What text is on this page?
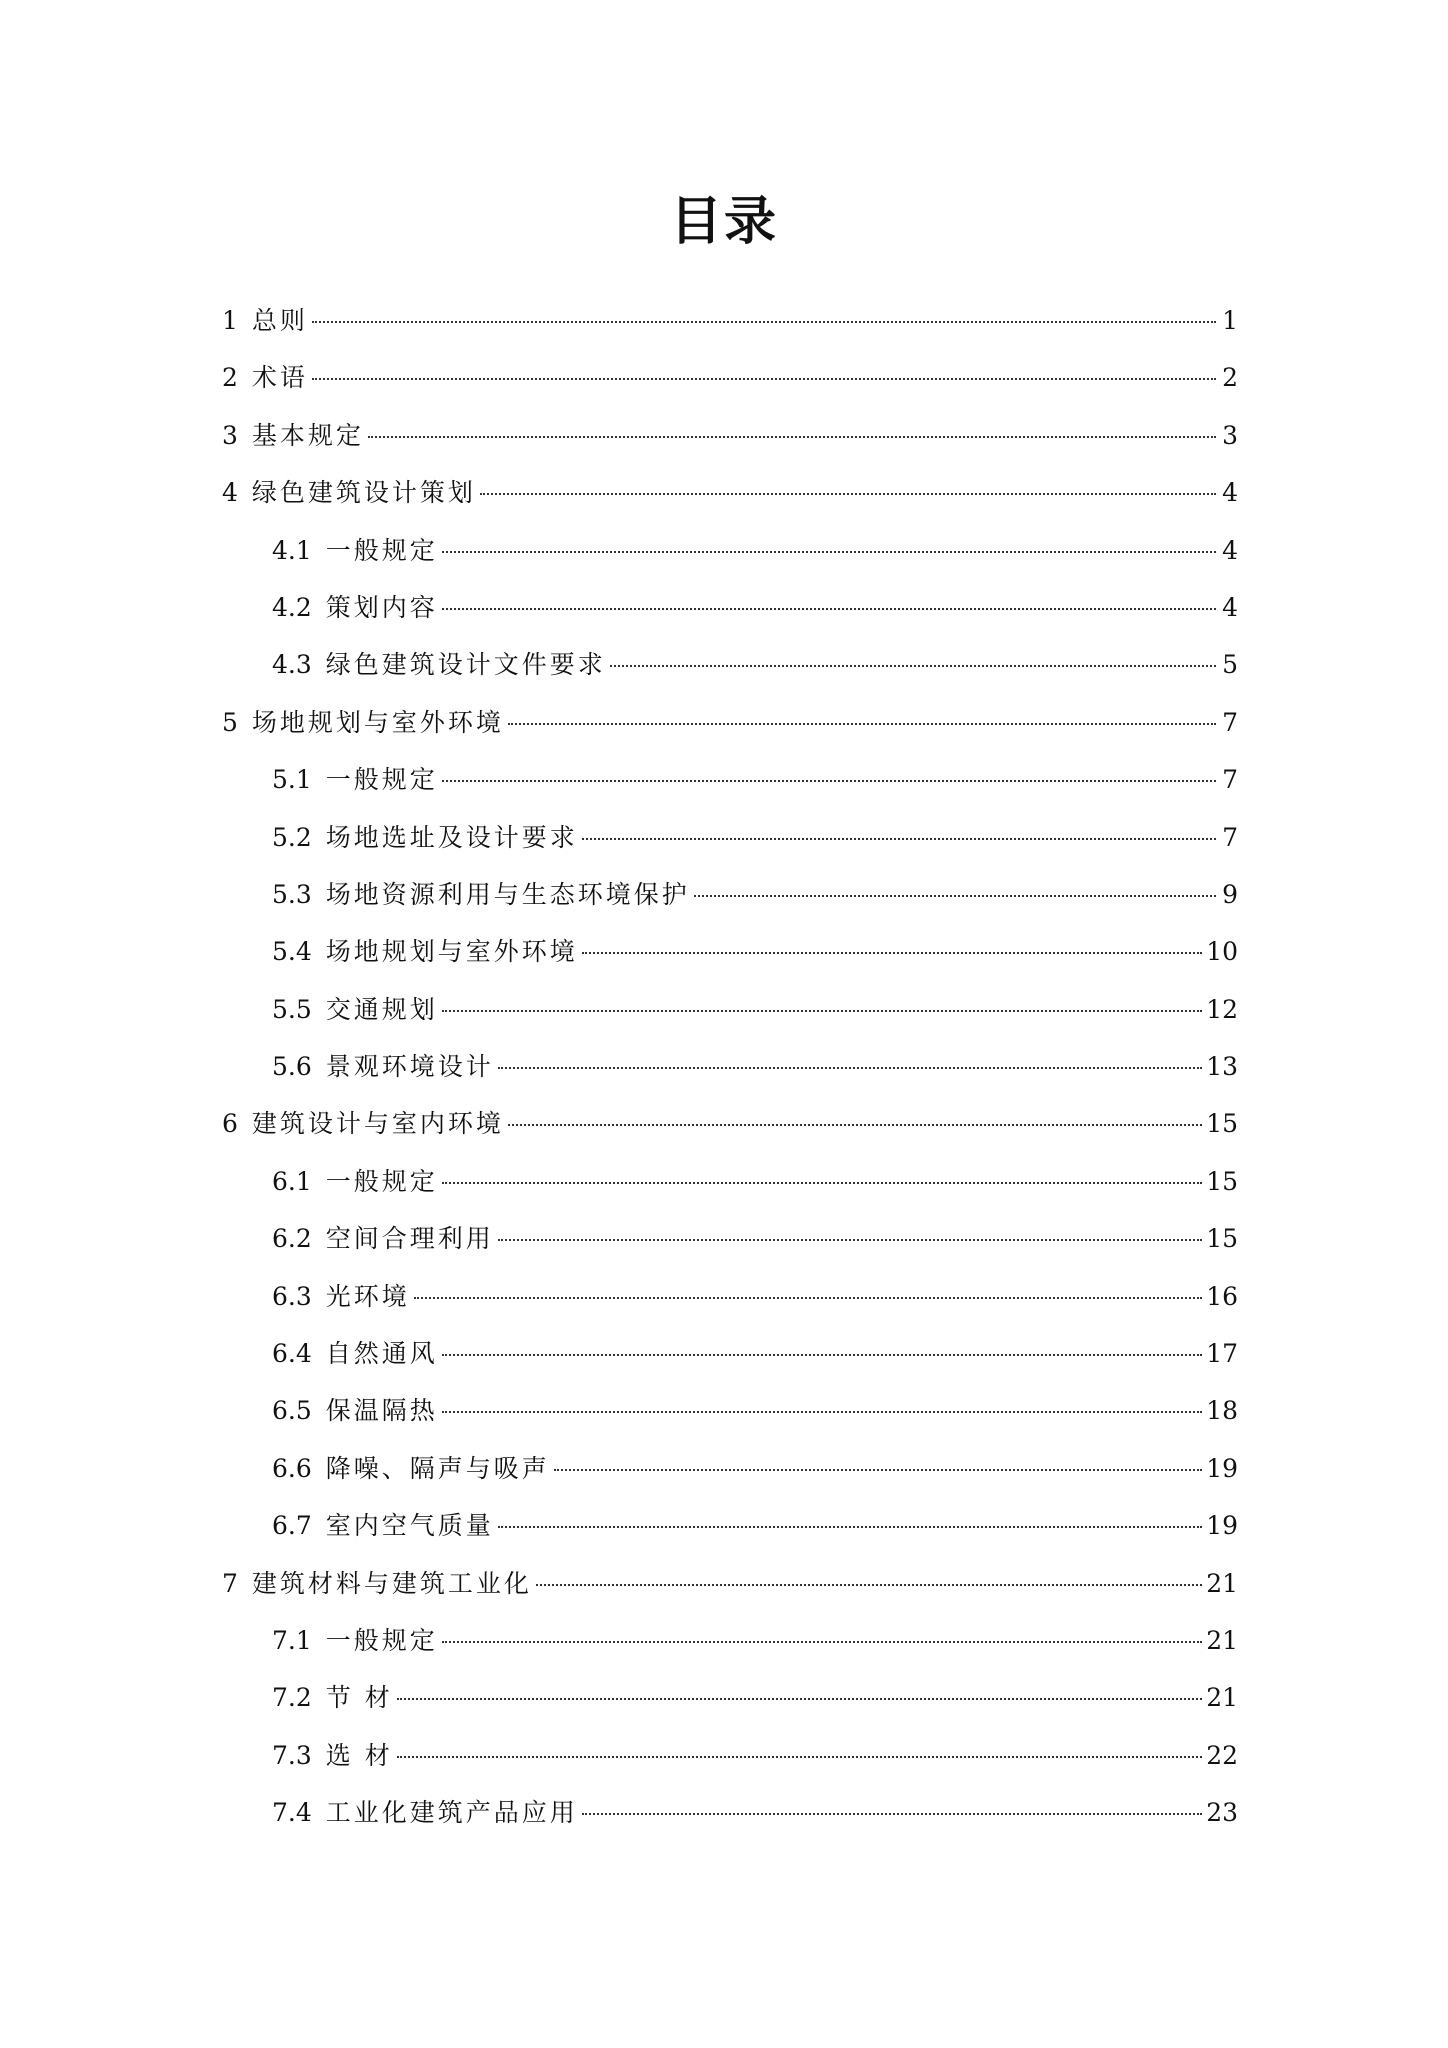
目录
1 总则	1
2 术语	2
3 基本规定	3
4 绿色建筑设计策划	4
4.1 一般规定	4
4.2 策划内容	4
4.3 绿色建筑设计文件要求	5
5 场地规划与室外环境	7
5.1 一般规定	7
5.2 场地选址及设计要求	7
5.3 场地资源利用与生态环境保护	9
5.4 场地规划与室外环境	10
5.5 交通规划	12
5.6 景观环境设计	13
6 建筑设计与室内环境	15
6.1 一般规定	15
6.2 空间合理利用	15
6.3 光环境	16
6.4 自然通风	17
6.5 保温隔热	18
6.6 降噪、隔声与吸声	19
6.7 室内空气质量	19
7 建筑材料与建筑工业化	21
7.1 一般规定	21
7.2 节 材	21
7.3 选 材	22
7.4 工业化建筑产品应用	23
